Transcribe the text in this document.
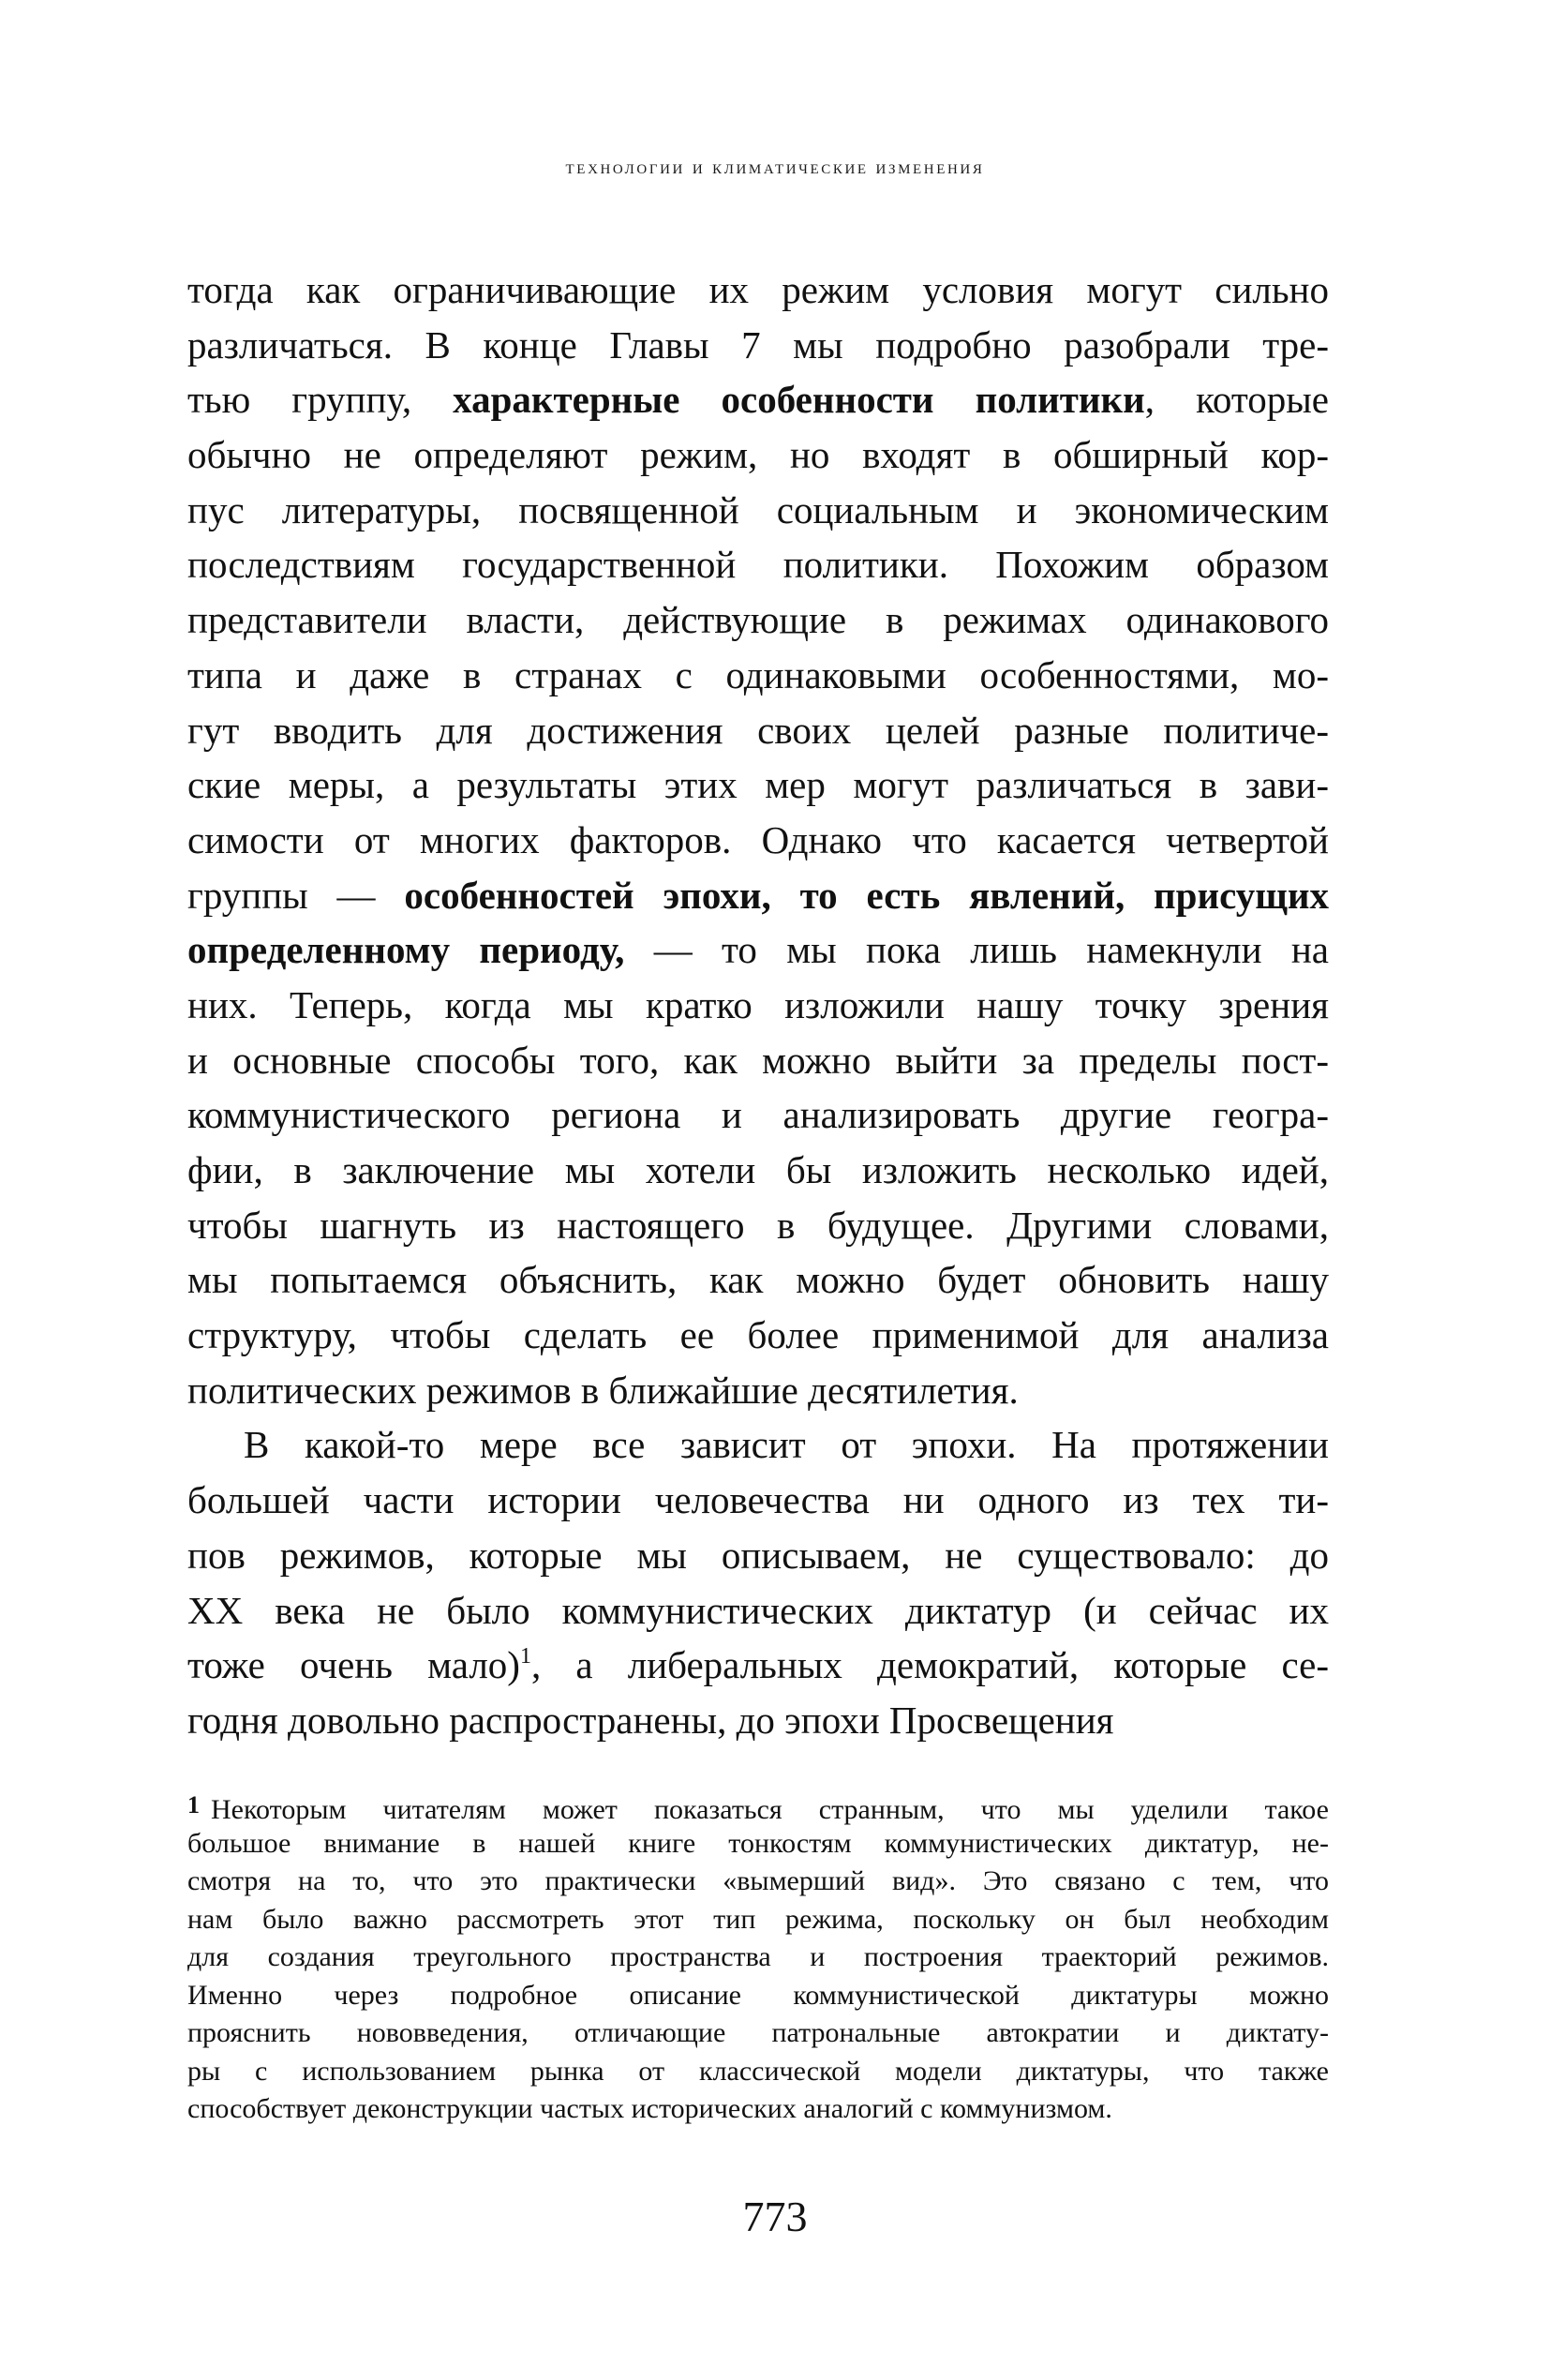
технологии и климатические изменения
тогда как ограничивающие их режим условия могут сильно
различаться. В конце Главы 7 мы подробно разобрали тре-
тью группу, характерные особенности политики, которые
обычно не определяют режим, но входят в обширный кор-
пус литературы, посвященной социальным и экономическим
последствиям государственной политики. Похожим образом
представители власти, действующие в режимах одинакового
типа и даже в странах с одинаковыми особенностями, мо-
гут вводить для достижения своих целей разные политиче-
ские меры, а результаты этих мер могут различаться в зави-
симости от многих факторов. Однако что касается четвертой
группы — особенностей эпохи, то есть явлений, присущих
определенному периоду, — то мы пока лишь намекнули на
них. Теперь, когда мы кратко изложили нашу точку зрения
и основные способы того, как можно выйти за пределы пост-
коммунистического региона и анализировать другие геогра-
фии, в заключение мы хотели бы изложить несколько идей,
чтобы шагнуть из настоящего в будущее. Другими словами,
мы попытаемся объяснить, как можно будет обновить нашу
структуру, чтобы сделать ее более применимой для анализа
политических режимов в ближайшие десятилетия.
В какой-то мере все зависит от эпохи. На протяжении
большей части истории человечества ни одного из тех ти-
пов режимов, которые мы описываем, не существовало: до
XX века не было коммунистических диктатур (и сейчас их
тоже очень мало)$^1$, а либеральных демократий, которые се-
годня довольно распространены, до эпохи Просвещения
1 Некоторым читателям может показаться странным, что мы уделили такое
большое внимание в нашей книге тонкостям коммунистических диктатур, не-
смотря на то, что это практически «вымерший вид». Это связано с тем, что
нам было важно рассмотреть этот тип режима, поскольку он был необходим
для создания треугольного пространства и построения траекторий режимов.
Именно через подробное описание коммунистической диктатуры можно
прояснить нововведения, отличающие патрональные автократии и диктату-
ры с использованием рынка от классической модели диктатуры, что также
способствует деконструкции частых исторических аналогий с коммунизмом.
773
